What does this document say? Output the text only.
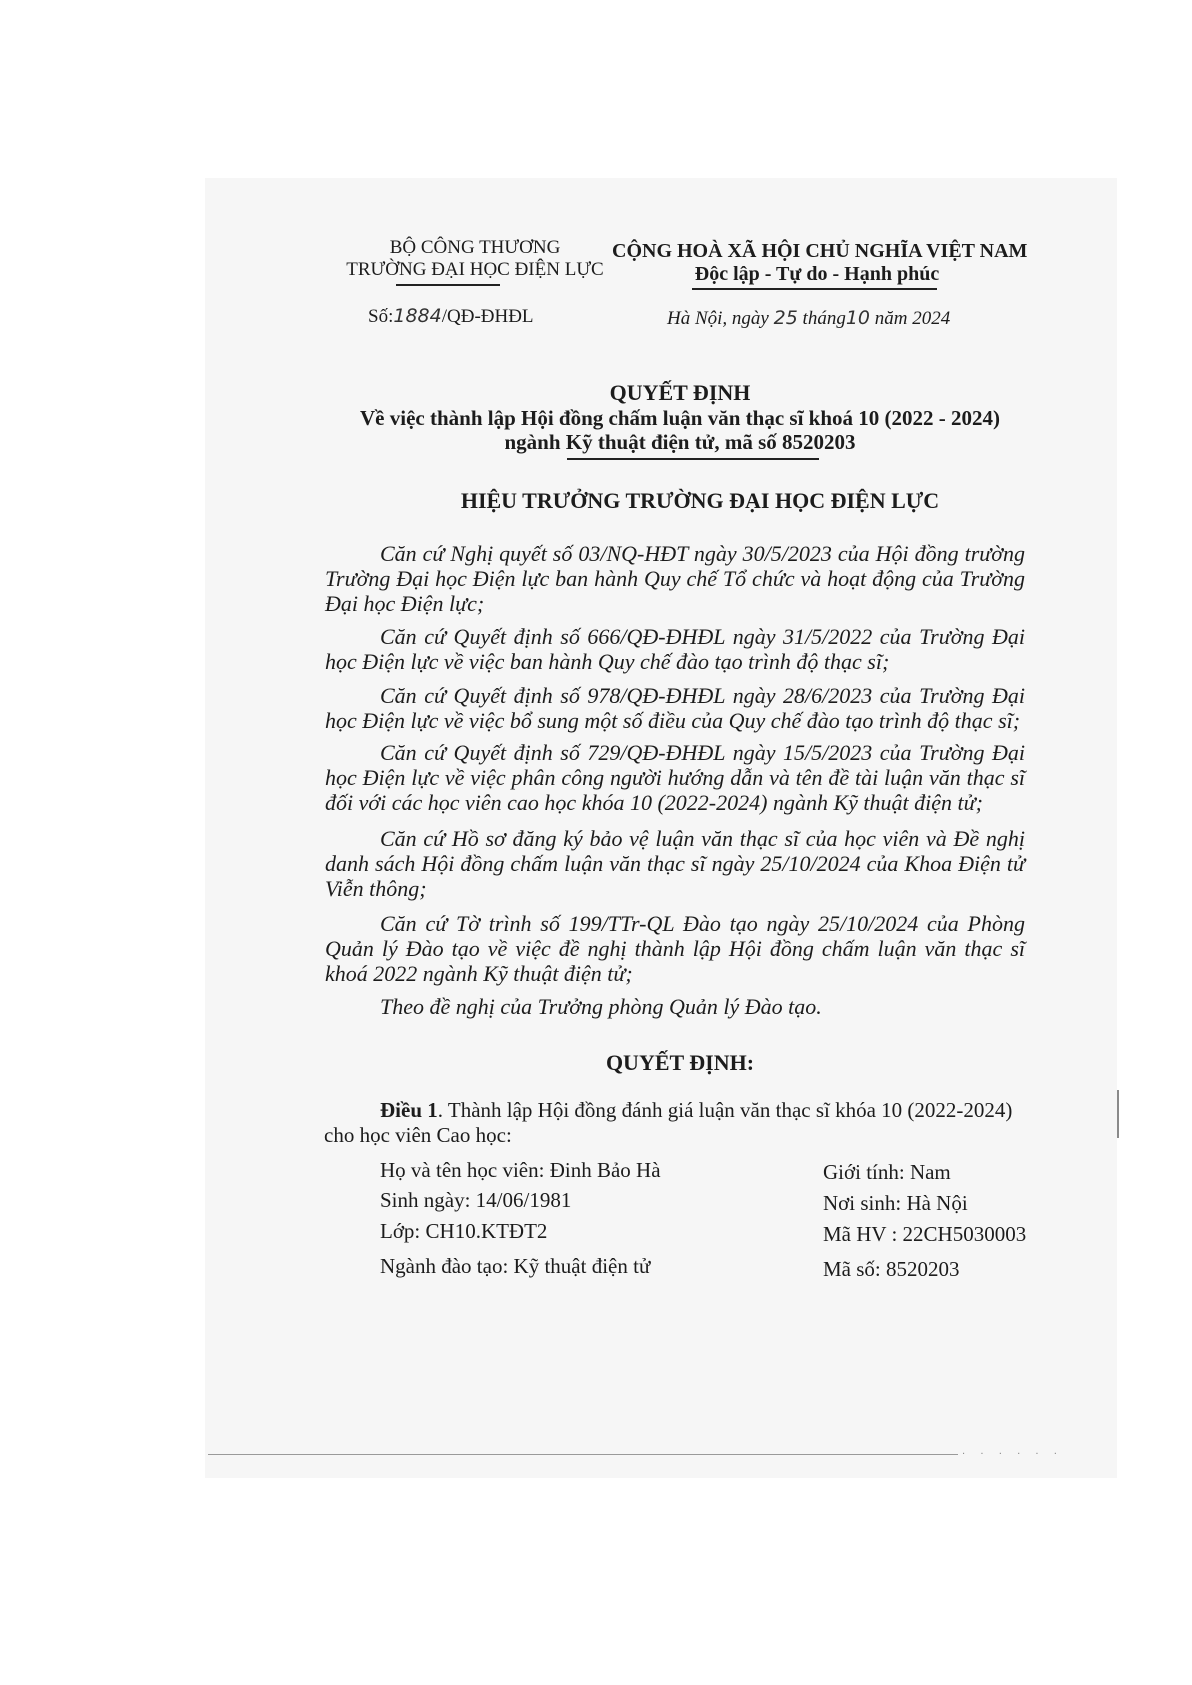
BỘ CÔNG THƯƠNG
TRƯỜNG ĐẠI HỌC ĐIỆN LỰC
Số:1884/QĐ-ĐHĐL
CỘNG HOÀ XÃ HỘI CHỦ NGHĨA VIỆT NAM
Độc lập - Tự do - Hạnh phúc
Hà Nội, ngày 25 tháng10 năm 2024
QUYẾT ĐỊNH
Về việc thành lập Hội đồng chấm luận văn thạc sĩ khoá 10 (2022 - 2024)
ngành Kỹ thuật điện tử, mã số 8520203
HIỆU TRƯỞNG TRƯỜNG ĐẠI HỌC ĐIỆN LỰC
Căn cứ Nghị quyết số 03/NQ-HĐT ngày 30/5/2023 của Hội đồng trường Trường Đại học Điện lực ban hành Quy chế Tổ chức và hoạt động của Trường Đại học Điện lực;
Căn cứ Quyết định số 666/QĐ-ĐHĐL ngày 31/5/2022 của Trường Đại học Điện lực về việc ban hành Quy chế đào tạo trình độ thạc sĩ;
Căn cứ Quyết định số 978/QĐ-ĐHĐL ngày 28/6/2023 của Trường Đại học Điện lực về việc bổ sung một số điều của Quy chế đào tạo trình độ thạc sĩ;
Căn cứ Quyết định số 729/QĐ-ĐHĐL ngày 15/5/2023 của Trường Đại học Điện lực về việc phân công người hướng dẫn và tên đề tài luận văn thạc sĩ đối với các học viên cao học khóa 10 (2022-2024) ngành Kỹ thuật điện tử;
Căn cứ Hồ sơ đăng ký bảo vệ luận văn thạc sĩ của học viên và Đề nghị danh sách Hội đồng chấm luận văn thạc sĩ ngày 25/10/2024 của Khoa Điện tử Viễn thông;
Căn cứ Tờ trình số 199/TTr-QL Đào tạo ngày 25/10/2024 của Phòng Quản lý Đào tạo về việc đề nghị thành lập Hội đồng chấm luận văn thạc sĩ khoá 2022 ngành Kỹ thuật điện tử;
Theo đề nghị của Trưởng phòng Quản lý Đào tạo.
QUYẾT ĐỊNH:
Điều 1. Thành lập Hội đồng đánh giá luận văn thạc sĩ khóa 10 (2022-2024)
cho học viên Cao học:
Họ và tên học viên: Đinh Bảo Hà	Giới tính: Nam
Sinh ngày: 14/06/1981	Nơi sinh: Hà Nội
Lớp: CH10.KTĐT2	Mã HV : 22CH5030003
Ngành đào tạo: Kỹ thuật điện tử	Mã số: 8520203
· · · · · ·
